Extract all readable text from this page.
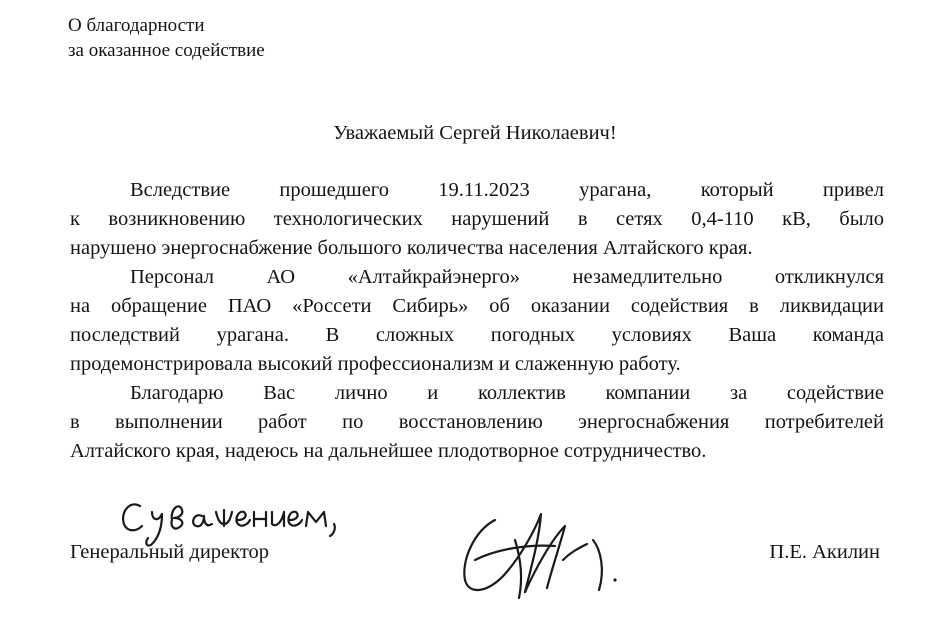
О благодарности
за оказанное содействие
Уважаемый Сергей Николаевич!

Вследствие прошедшего 19.11.2023 урагана, который привел
к возникновению технологических нарушений в сетях 0,4-110 кВ, было
нарушено энергоснабжение большого количества населения Алтайского края.

Персонал АО «Алтайкрайэнерго» незамедлительно откликнулся
на обращение ПАО «Россети Сибирь» об оказании содействия в ликвидации
последствий урагана. В сложных погодных условиях Ваша команда
продемонстрировала высокий профессионализм и слаженную работу.

Благодарю Вас лично и коллектив компании за содействие
в выполнении работ по восстановлению энергоснабжения потребителей
Алтайского края, надеюсь на дальнейшее плодотворное сотрудничество.

Генеральный директор	П.Е. Акилин
